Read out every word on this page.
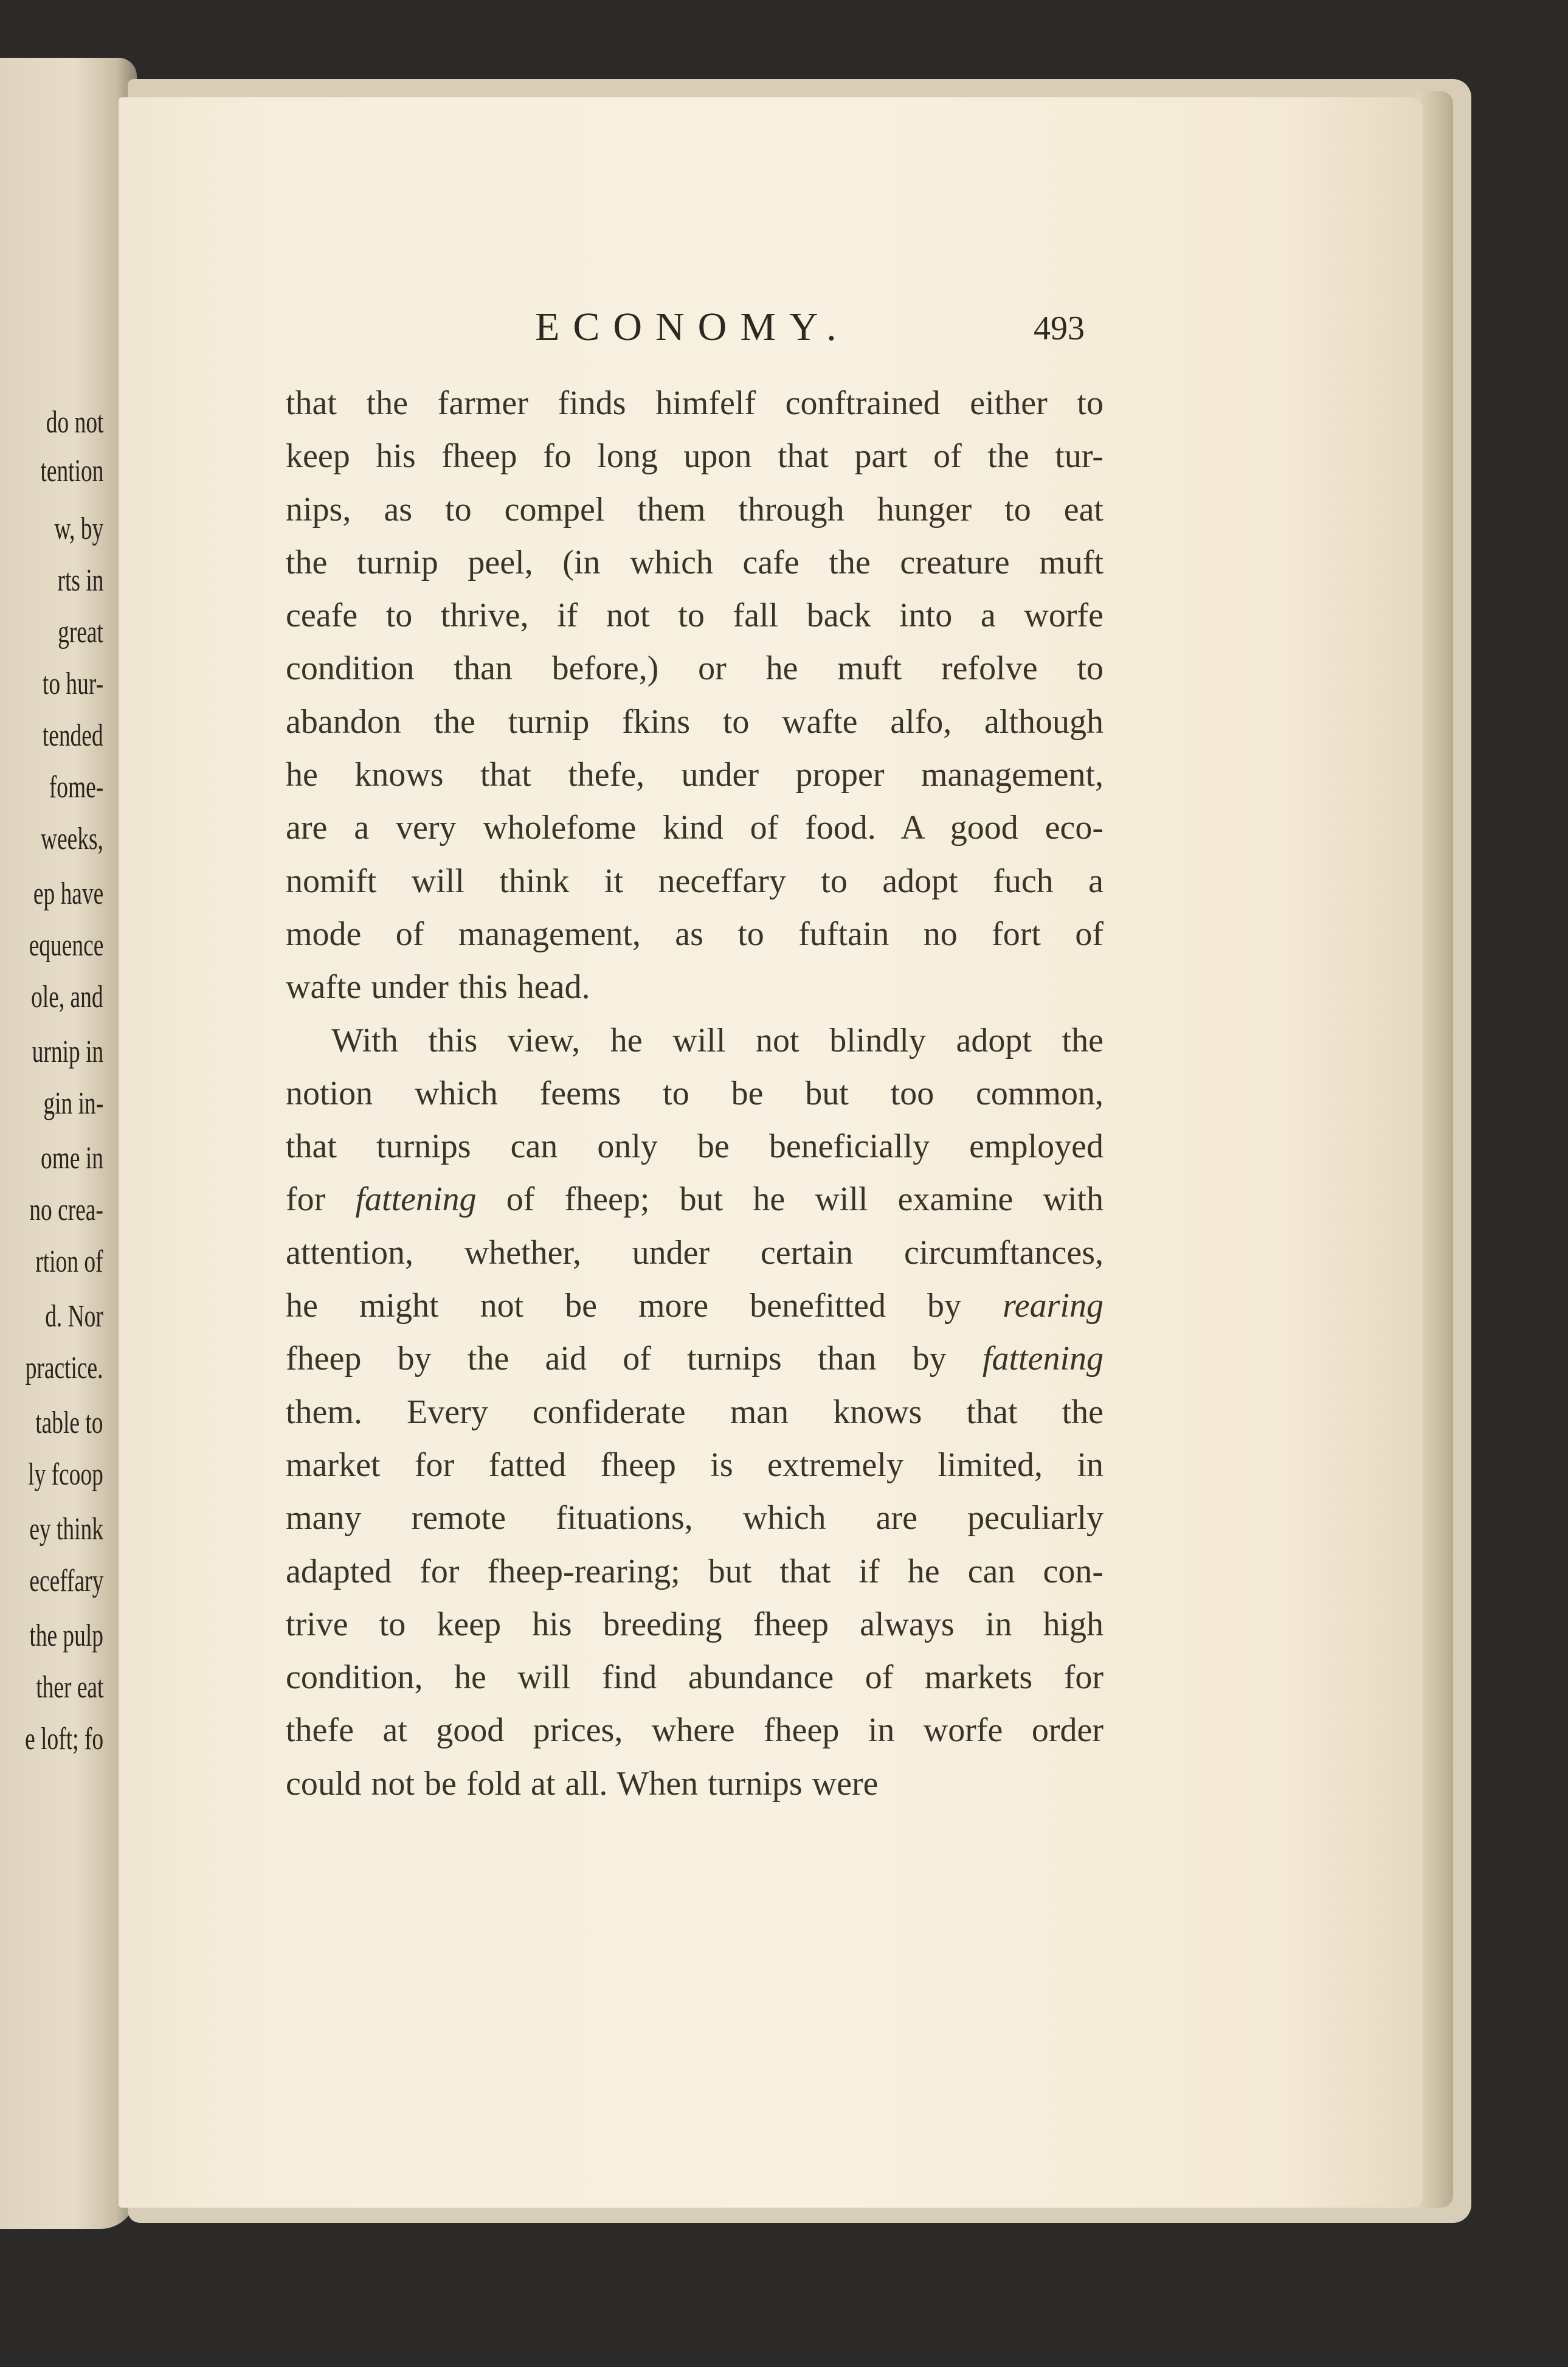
do not
tention
w, by
rts in
great
to hur-
tended
fome-
weeks,
ep have
equence
ole, and
urnip in
gin in-
ome in
no crea-
rtion of
d. Nor
practice.
table to
ly fcoop
ey think
eceffary
the pulp
ther eat
e loft; fo
ECONOMY.	493
that the farmer finds himfelf conftrained either to
keep his fheep fo long upon that part of the tur-
nips, as to compel them through hunger to eat
the turnip peel, (in which cafe the creature muft
ceafe to thrive, if not to fall back into a worfe
condition than before,) or he muft refolve to
abandon the turnip fkins to wafte alfo, although
he knows that thefe, under proper management,
are a very wholefome kind of food. A good eco-
nomift will think it neceffary to adopt fuch a
mode of management, as to fuftain no fort of
wafte under this head.
With this view, he will not blindly adopt the
notion which feems to be but too common,
that turnips can only be beneficially employed
for fattening of fheep; but he will examine with
attention, whether, under certain circumftances,
he might not be more benefitted by rearing
fheep by the aid of turnips than by fattening
them. Every confiderate man knows that the
market for fatted fheep is extremely limited, in
many remote fituations, which are peculiarly
adapted for fheep-rearing; but that if he can con-
trive to keep his breeding fheep always in high
condition, he will find abundance of markets for
thefe at good prices, where fheep in worfe order
could not be fold at all. When turnips were
